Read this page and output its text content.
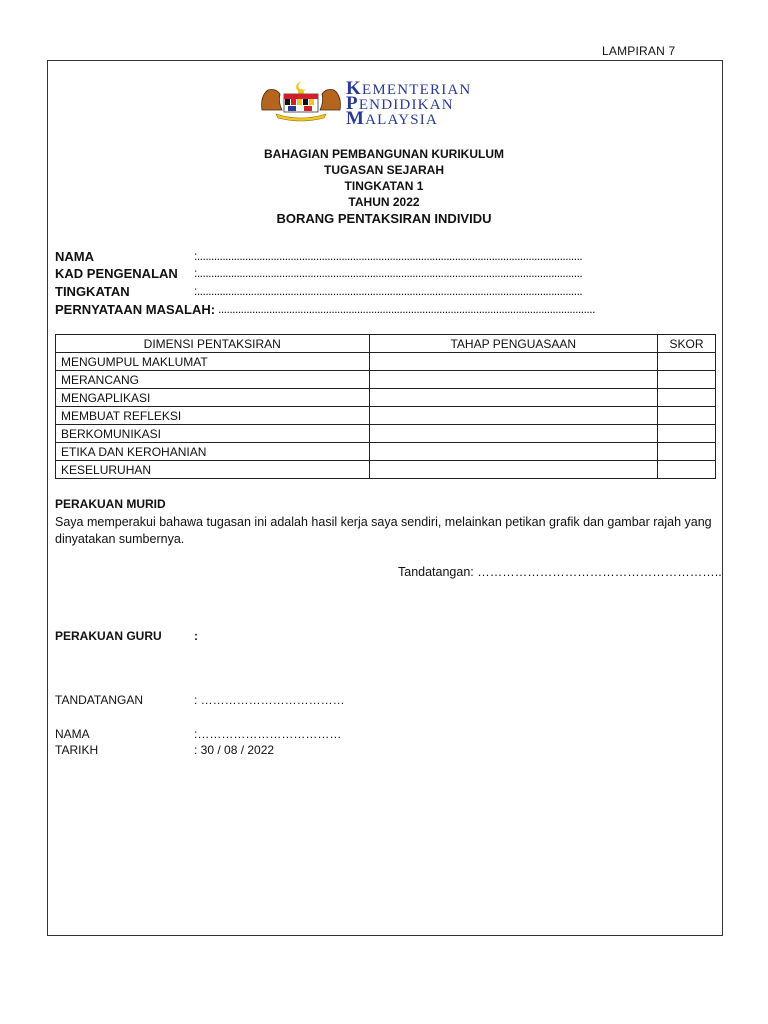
LAMPIRAN 7
KEMENTERIAN
PENDIDIKAN
MALAYSIA
BAHAGIAN PEMBANGUNAN KURIKULUM
TUGASAN SEJARAH
TINGKATAN 1
TAHUN 2022
BORANG PENTAKSIRAN INDIVIDU
NAMA	:........................................................................................................................................
KAD PENGENALAN :........................................................................................................................................
TINGKATAN	:........................................................................................................................................
PERNYATAAN MASALAH: .....................................................................................................................................
DIMENSI PENTAKSIRAN	TAHAP PENGUASAAN	SKOR
MENGUMPUL MAKLUMAT		
MERANCANG		
MENGAPLIKASI		
MEMBUAT REFLEKSI		
BERKOMUNIKASI		
ETIKA DAN KEROHANIAN		
KESELURUHAN		
PERAKUAN MURID
Saya memperakui bahawa tugasan ini adalah hasil kerja saya sendiri, melainkan petikan grafik dan gambar rajah yang dinyatakan sumbernya.
Tandatangan: …………………………………………………..
PERAKUAN GURU	:
TANDATANGAN	: ………………………………
NAMA	:………………………………
TARIKH	: 30 / 08 / 2022
